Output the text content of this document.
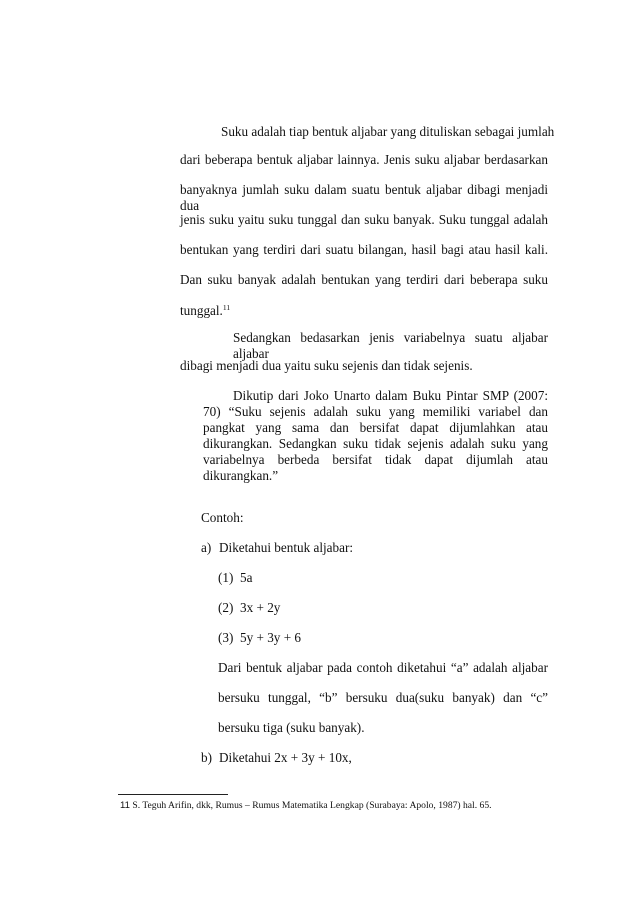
Suku adalah tiap bentuk aljabar yang dituliskan sebagai jumlah
dari beberapa bentuk aljabar lainnya. Jenis suku aljabar berdasarkan
banyaknya jumlah suku dalam suatu bentuk aljabar dibagi menjadi dua
jenis suku yaitu suku tunggal dan suku banyak. Suku tunggal adalah
bentukan yang terdiri dari suatu bilangan, hasil bagi atau hasil kali.
Dan suku banyak adalah bentukan yang terdiri dari beberapa suku
tunggal.$^{11}$
Sedangkan bedasarkan jenis variabelnya suatu aljabar aljabar
dibagi menjadi dua yaitu suku sejenis dan tidak sejenis.
Dikutip dari Joko Unarto dalam Buku Pintar SMP (2007:
70) “Suku sejenis adalah suku yang memiliki variabel dan
pangkat yang sama dan bersifat dapat dijumlahkan atau
dikurangkan. Sedangkan suku tidak sejenis adalah suku yang
variabelnya berbeda bersifat tidak dapat dijumlah atau
dikurangkan.”
Contoh:
a) Diketahui bentuk aljabar:
(1) 5a
(2) 3x + 2y
(3) 5y + 3y + 6
Dari bentuk aljabar pada contoh diketahui “a” adalah aljabar
bersuku tunggal, “b” bersuku dua(suku banyak) dan “c”
bersuku tiga (suku banyak).
b) Diketahui 2x + 3y + 10x,
11 S. Teguh Arifin, dkk, Rumus – Rumus Matematika Lengkap (Surabaya: Apolo, 1987) hal. 65.
